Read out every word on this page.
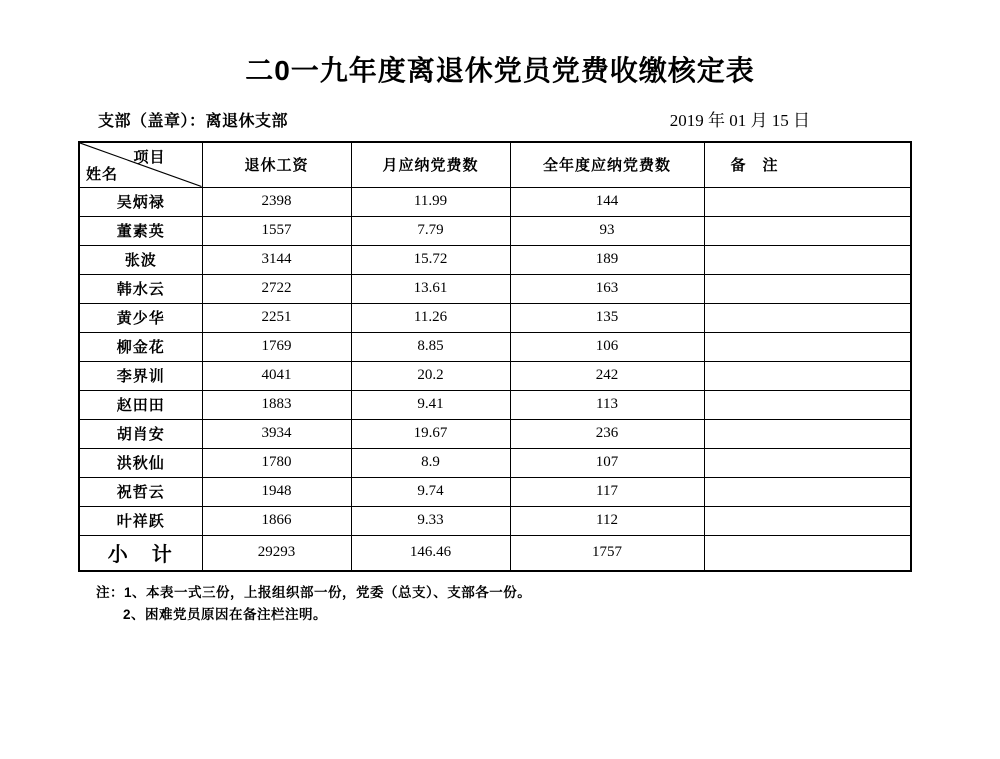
二0一九年度离退休党员党费收缴核定表
支部（盖章）：离退休支部	2019 年 01 月 15 日
项目
姓名	退休工资	月应纳党费数	全年度应纳党费数	备　注
吴炳禄	2398	11.99	144	
董素英	1557	7.79	93	
张波	3144	15.72	189	
韩水云	2722	13.61	163	
黄少华	2251	11.26	135	
柳金花	1769	8.85	106	
李界训	4041	20.2	242	
赵田田	1883	9.41	113	
胡肖安	3934	19.67	236	
洪秋仙	1780	8.9	107	
祝哲云	1948	9.74	117	
叶祥跃	1866	9.33	112	
小　计	29293	146.46	1757	
注：1、本表一式三份，上报组织部一份，党委（总支）、支部各一份。
2、困难党员原因在备注栏注明。
